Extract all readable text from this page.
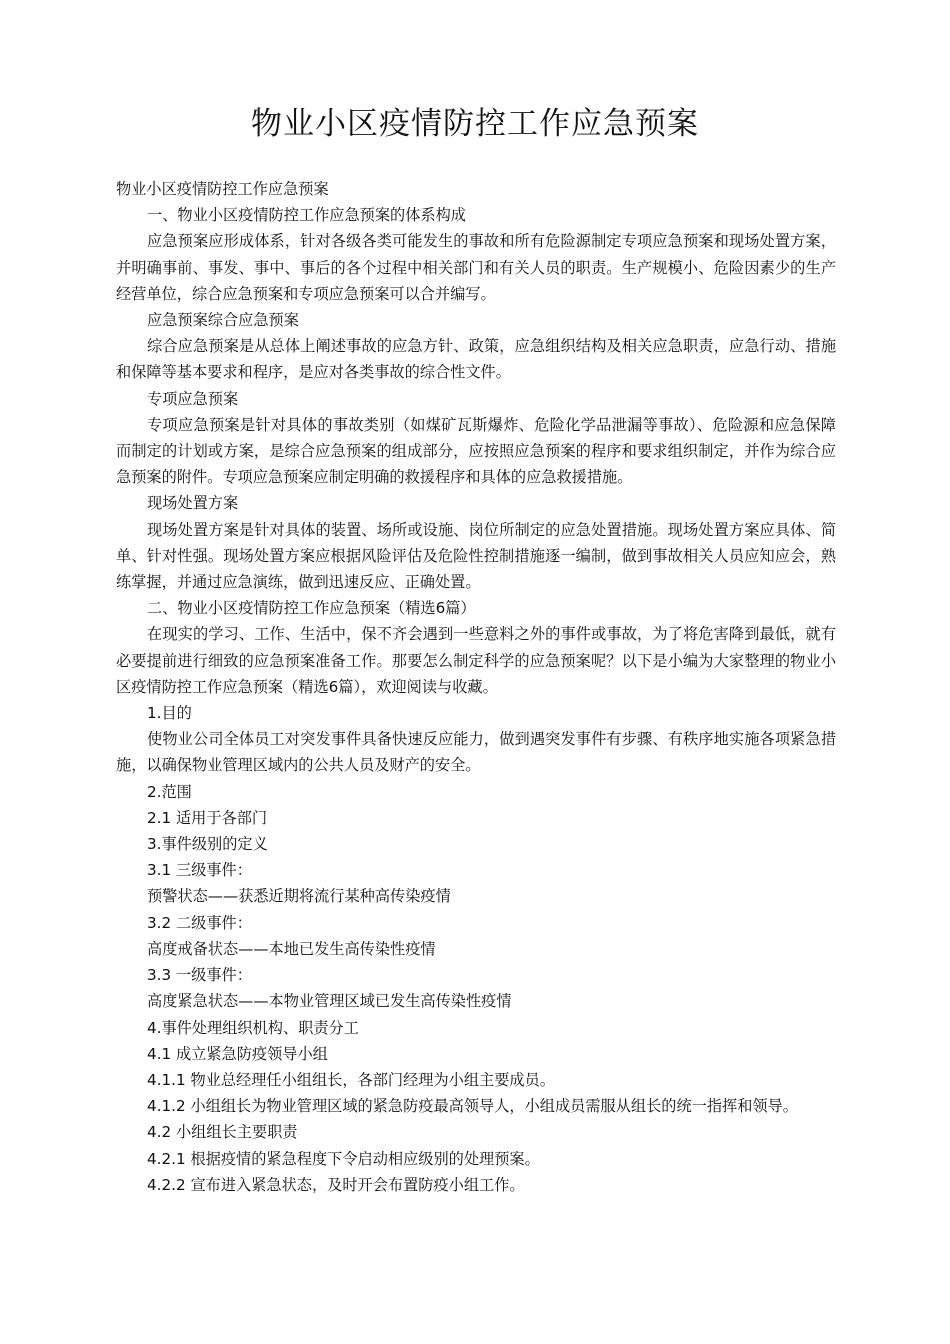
物业小区疫情防控工作应急预案

物业小区疫情防控工作应急预案

一、物业小区疫情防控工作应急预案的体系构成

应急预案应形成体系，针对各级各类可能发生的事故和所有危险源制定专项应急预案和现场处置方案，并明确事前、事发、事中、事后的各个过程中相关部门和有关人员的职责。生产规模小、危险因素少的生产经营单位，综合应急预案和专项应急预案可以合并编写。

应急预案综合应急预案

综合应急预案是从总体上阐述事故的应急方针、政策，应急组织结构及相关应急职责，应急行动、措施和保障等基本要求和程序，是应对各类事故的综合性文件。

专项应急预案

专项应急预案是针对具体的事故类别（如煤矿瓦斯爆炸、危险化学品泄漏等事故）、危险源和应急保障而制定的计划或方案，是综合应急预案的组成部分，应按照应急预案的程序和要求组织制定，并作为综合应急预案的附件。专项应急预案应制定明确的救援程序和具体的应急救援措施。

现场处置方案

现场处置方案是针对具体的装置、场所或设施、岗位所制定的应急处置措施。现场处置方案应具体、简单、针对性强。现场处置方案应根据风险评估及危险性控制措施逐一编制，做到事故相关人员应知应会，熟练掌握，并通过应急演练，做到迅速反应、正确处置。

二、物业小区疫情防控工作应急预案（精选6篇）

在现实的学习、工作、生活中，保不齐会遇到一些意料之外的事件或事故，为了将危害降到最低，就有必要提前进行细致的应急预案准备工作。那要怎么制定科学的应急预案呢？以下是小编为大家整理的物业小区疫情防控工作应急预案（精选6篇），欢迎阅读与收藏。

1.目的

使物业公司全体员工对突发事件具备快速反应能力，做到遇突发事件有步骤、有秩序地实施各项紧急措施，以确保物业管理区域内的公共人员及财产的安全。

2.范围

2.1 适用于各部门

3.事件级别的定义

3.1 三级事件：

预警状态——获悉近期将流行某种高传染疫情

3.2 二级事件：

高度戒备状态——本地已发生高传染性疫情

3.3 一级事件：

高度紧急状态——本物业管理区域已发生高传染性疫情

4.事件处理组织机构、职责分工

4.1 成立紧急防疫领导小组

4.1.1 物业总经理任小组组长，各部门经理为小组主要成员。

4.1.2 小组组长为物业管理区域的紧急防疫最高领导人，小组成员需服从组长的统一指挥和领导。

4.2 小组组长主要职责

4.2.1 根据疫情的紧急程度下令启动相应级别的处理预案。

4.2.2 宣布进入紧急状态，及时开会布置防疫小组工作。
